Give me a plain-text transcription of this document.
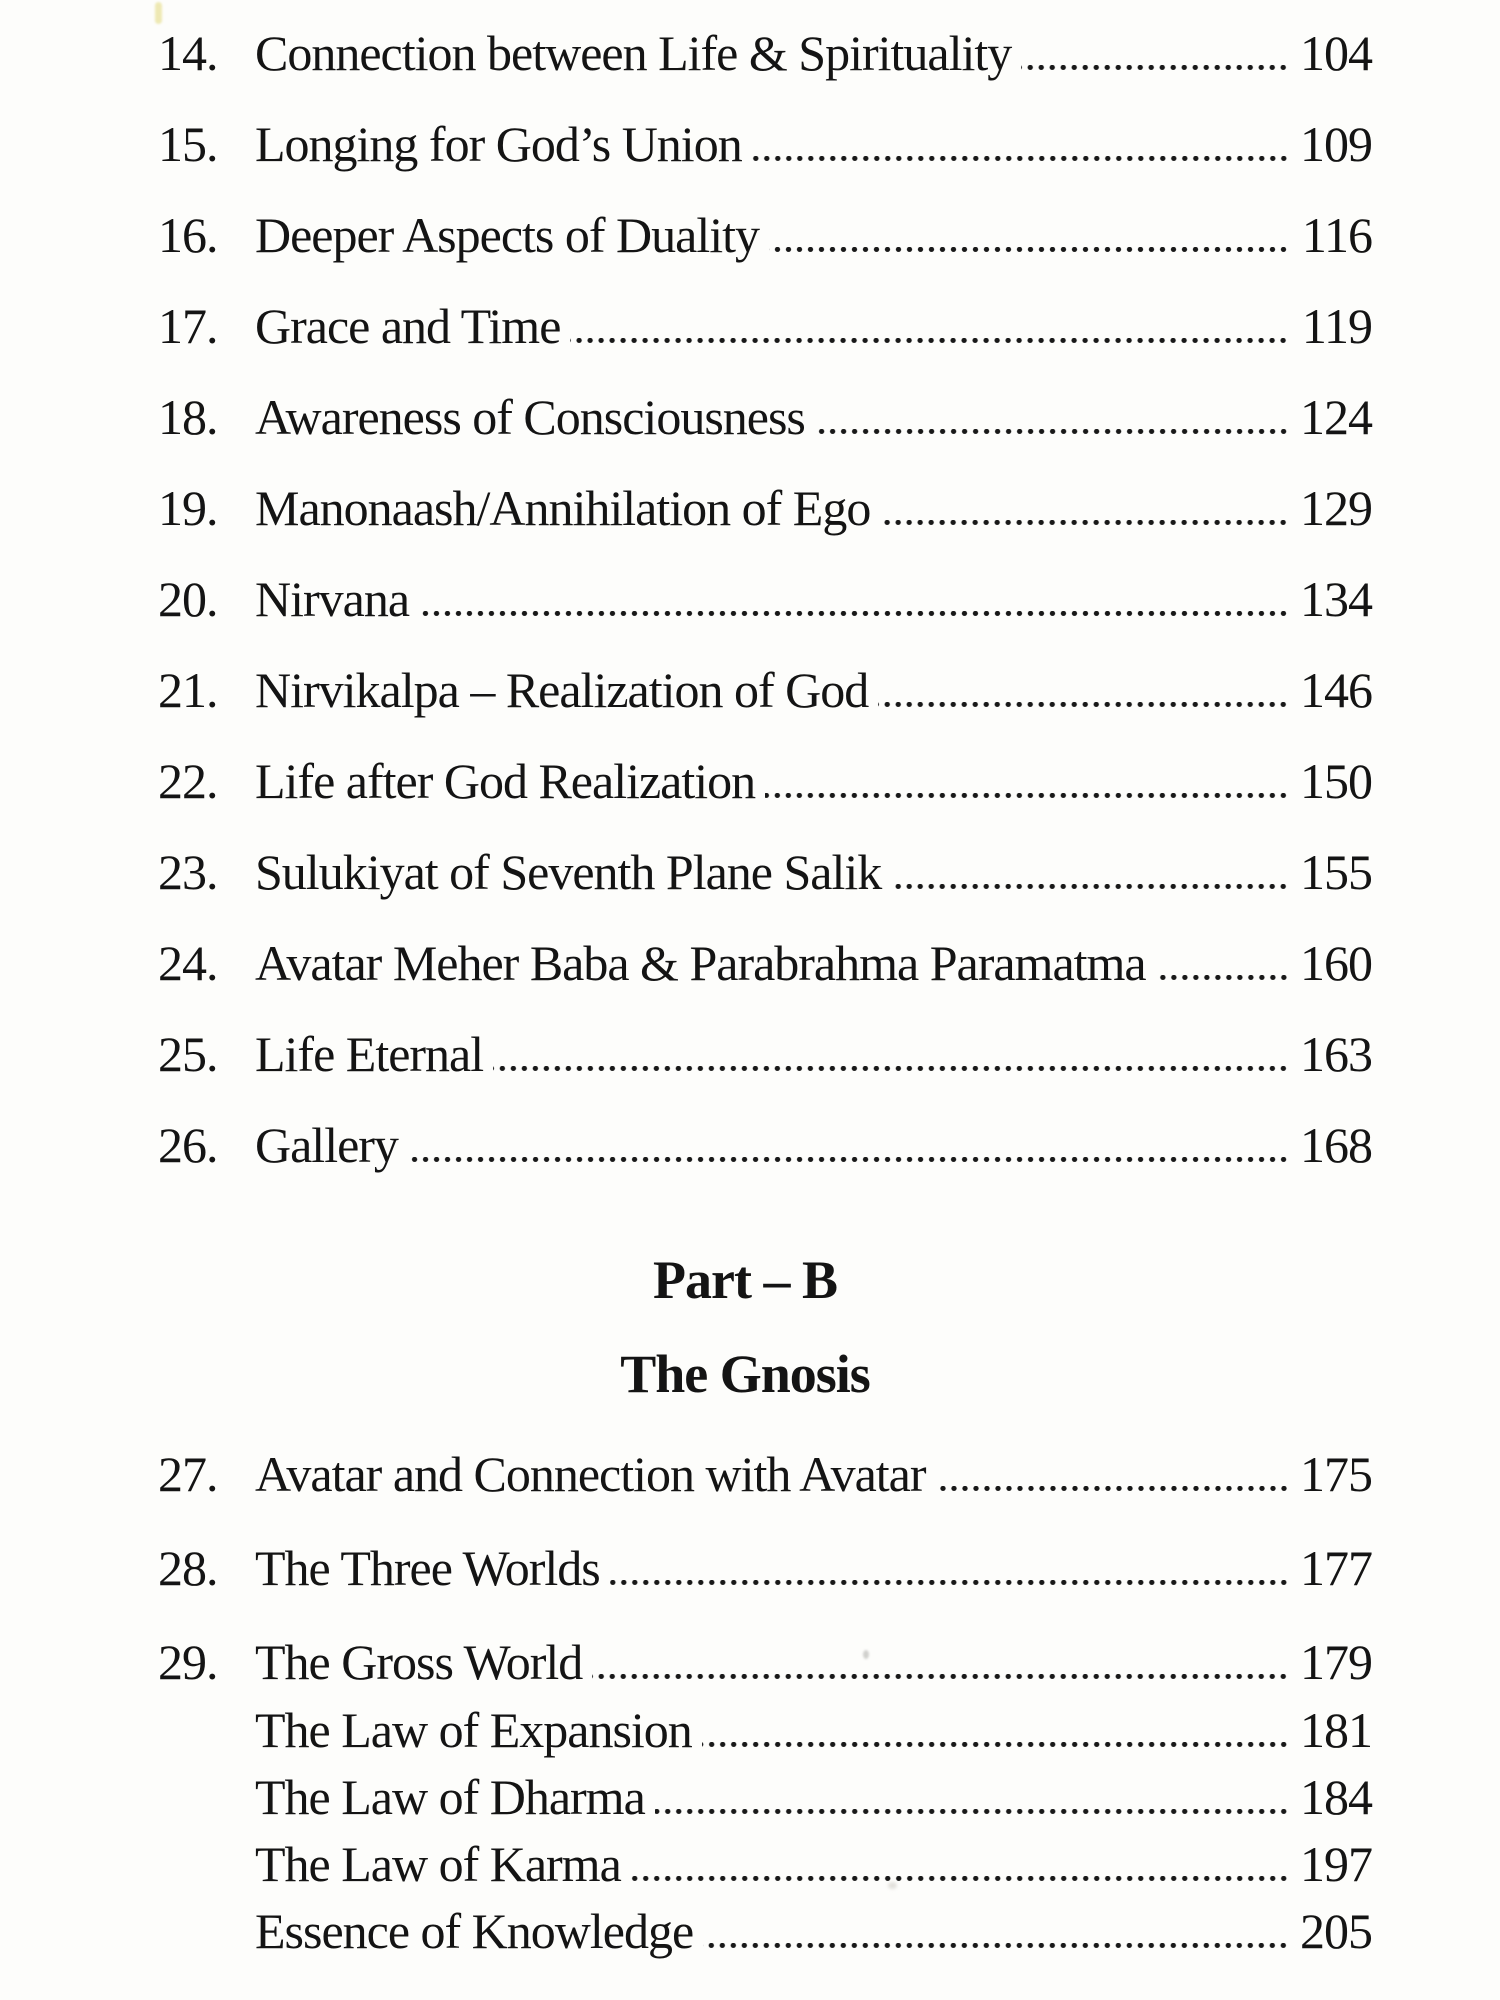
14. Connection between Life & Spirituality	104
15. Longing for God’s Union	109
16. Deeper Aspects of Duality	116
17. Grace and Time	119
18. Awareness of Consciousness	124
19. Manonaash/Annihilation of Ego	129
20. Nirvana	134
21. Nirvikalpa – Realization of God	146
22. Life after God Realization	150
23. Sulukiyat of Seventh Plane Salik	155
24. Avatar Meher Baba & Parabrahma Paramatma	160
25. Life Eternal	163
26. Gallery	168
Part – B
The Gnosis
27. Avatar and Connection with Avatar	175
28. The Three Worlds	177
29. The Gross World	179
The Law of Expansion	181
The Law of Dharma	184
The Law of Karma	197
Essence of Knowledge	205
